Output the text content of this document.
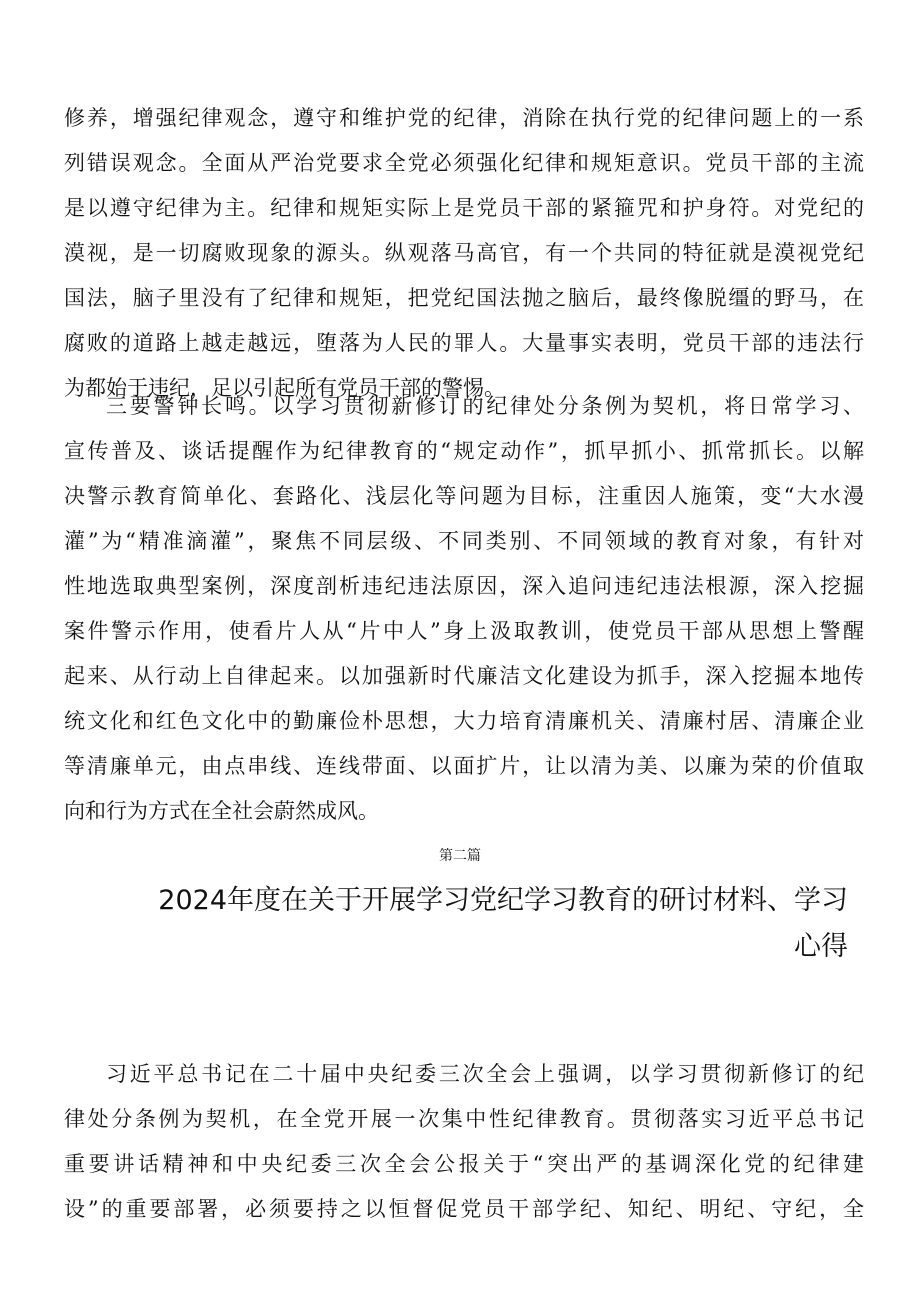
修养，增强纪律观念，遵守和维护党的纪律，消除在执行党的纪律问题上的一系
列错误观念。全面从严治党要求全党必须强化纪律和规矩意识。党员干部的主流
是以遵守纪律为主。纪律和规矩实际上是党员干部的紧箍咒和护身符。对党纪的
漠视，是一切腐败现象的源头。纵观落马高官，有一个共同的特征就是漠视党纪
国法，脑子里没有了纪律和规矩，把党纪国法抛之脑后，最终像脱缰的野马，在
腐败的道路上越走越远，堕落为人民的罪人。大量事实表明，党员干部的违法行
为都始于违纪，足以引起所有党员干部的警惕。
三要警钟长鸣。以学习贯彻新修订的纪律处分条例为契机，将日常学习、
宣传普及、谈话提醒作为纪律教育的“规定动作”，抓早抓小、抓常抓长。以解
决警示教育简单化、套路化、浅层化等问题为目标，注重因人施策，变“大水漫
灌”为“精准滴灌”，聚焦不同层级、不同类别、不同领域的教育对象，有针对
性地选取典型案例，深度剖析违纪违法原因，深入追问违纪违法根源，深入挖掘
案件警示作用，使看片人从“片中人”身上汲取教训，使党员干部从思想上警醒
起来、从行动上自律起来。以加强新时代廉洁文化建设为抓手，深入挖掘本地传
统文化和红色文化中的勤廉俭朴思想，大力培育清廉机关、清廉村居、清廉企业
等清廉单元，由点串线、连线带面、以面扩片，让以清为美、以廉为荣的价值取
向和行为方式在全社会蔚然成风。
第二篇
2024年度在关于开展学习党纪学习教育的研讨材料、学习
心得
习近平总书记在二十届中央纪委三次全会上强调，以学习贯彻新修订的纪
律处分条例为契机，在全党开展一次集中性纪律教育。贯彻落实习近平总书记
重要讲话精神和中央纪委三次全会公报关于“突出严的基调深化党的纪律建
设”的重要部署，必须要持之以恒督促党员干部学纪、知纪、明纪、守纪，全
